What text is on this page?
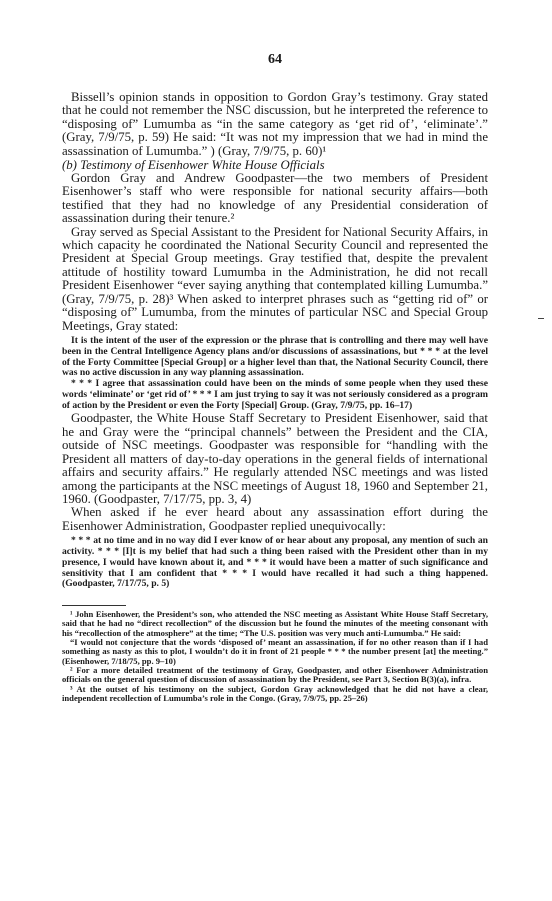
64

Bissell’s opinion stands in opposition to Gordon Gray’s testimony. Gray stated that he could not remember the NSC discussion, but he interpreted the reference to “disposing of” Lumumba as “in the same category as ‘get rid of’, ‘eliminate’.” (Gray, 7/9/75, p. 59) He said: “It was not my impression that we had in mind the assassination of Lumumba.” ) (Gray, 7/9/75, p. 60)¹

(b) Testimony of Eisenhower White House Officials

Gordon Gray and Andrew Goodpaster—the two members of President Eisenhower’s staff who were responsible for national security affairs—both testified that they had no knowledge of any Presidential consideration of assassination during their tenure.²

Gray served as Special Assistant to the President for National Security Affairs, in which capacity he coordinated the National Security Council and represented the President at Special Group meetings. Gray testified that, despite the prevalent attitude of hostility toward Lumumba in the Administration, he did not recall President Eisenhower “ever saying anything that contemplated killing Lumumba.” (Gray, 7/9/75, p. 28)³ When asked to interpret phrases such as “getting rid of” or “disposing of” Lumumba, from the minutes of particular NSC and Special Group Meetings, Gray stated:

It is the intent of the user of the expression or the phrase that is controlling and there may well have been in the Central Intelligence Agency plans and/or discussions of assassinations, but * * * at the level of the Forty Committee [Special Group] or a higher level than that, the National Security Council, there was no active discussion in any way planning assassination.

* * * I agree that assassination could have been on the minds of some people when they used these words ‘eliminate’ or ‘get rid of’ * * * I am just trying to say it was not seriously considered as a program of action by the President or even the Forty [Special] Group. (Gray, 7/9/75, pp. 16–17)

Goodpaster, the White House Staff Secretary to President Eisenhower, said that he and Gray were the “principal channels” between the President and the CIA, outside of NSC meetings. Goodpaster was responsible for “handling with the President all matters of day-to-day operations in the general fields of international affairs and security affairs.” He regularly attended NSC meetings and was listed among the participants at the NSC meetings of August 18, 1960 and September 21, 1960. (Goodpaster, 7/17/75, pp. 3, 4)

When asked if he ever heard about any assassination effort during the Eisenhower Administration, Goodpaster replied unequivocally:

* * * at no time and in no way did I ever know of or hear about any proposal, any mention of such an activity. * * * [I]t is my belief that had such a thing been raised with the President other than in my presence, I would have known about it, and * * * it would have been a matter of such significance and sensitivity that I am confident that * * * I would have recalled it had such a thing happened. (Goodpaster, 7/17/75, p. 5)

¹ John Eisenhower, the President’s son, who attended the NSC meeting as Assistant White House Staff Secretary, said that he had no “direct recollection” of the discussion but he found the minutes of the meeting consonant with his “recollection of the atmosphere” at the time; “The U.S. position was very much anti-Lumumba.” He said:

“I would not conjecture that the words ‘disposed of’ meant an assassination, if for no other reason than if I had something as nasty as this to plot, I wouldn’t do it in front of 21 people * * * the number present [at] the meeting.” (Eisenhower, 7/18/75, pp. 9–10)

² For a more detailed treatment of the testimony of Gray, Goodpaster, and other Eisenhower Administration officials on the general question of discussion of assassination by the President, see Part 3, Section B(3)(a), infra.

³ At the outset of his testimony on the subject, Gordon Gray acknowledged that he did not have a clear, independent recollection of Lumumba’s role in the Congo. (Gray, 7/9/75, pp. 25–26)
